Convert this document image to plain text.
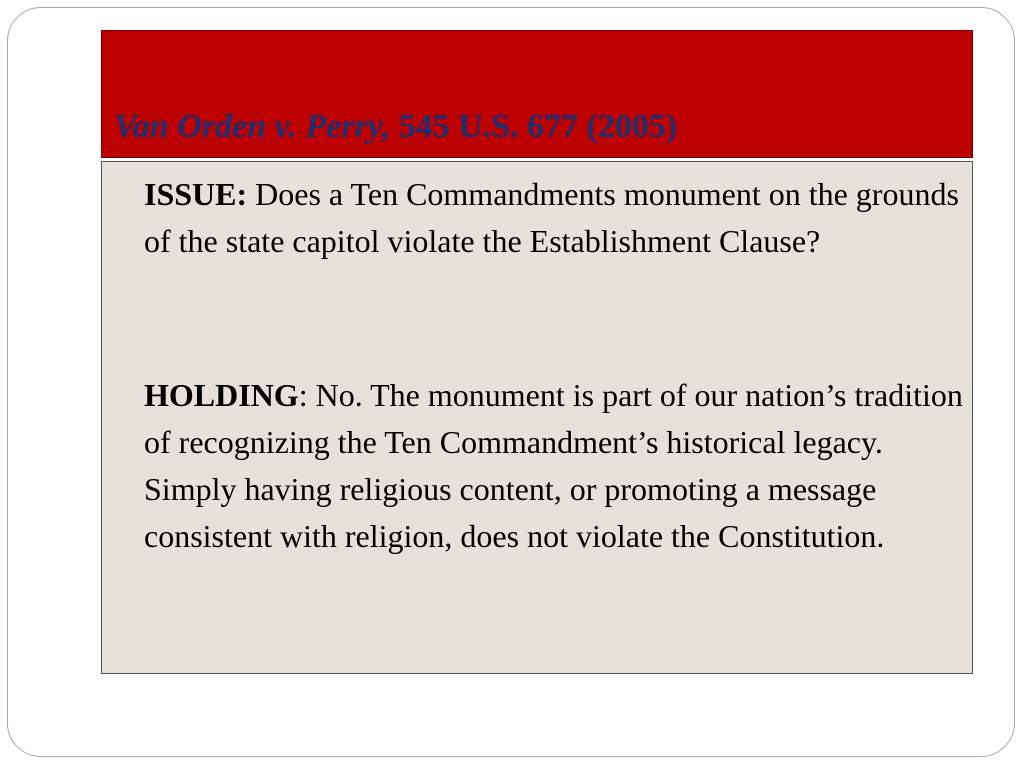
Van Orden v. Perry, 545 U.S. 677 (2005)

ISSUE: Does a Ten Commandments monument on the grounds of the state capitol violate the Establishment Clause?

HOLDING: No. The monument is part of our nation’s tradition of recognizing the Ten Commandment’s historical legacy. Simply having religious content, or promoting a message consistent with religion, does not violate the Constitution.
